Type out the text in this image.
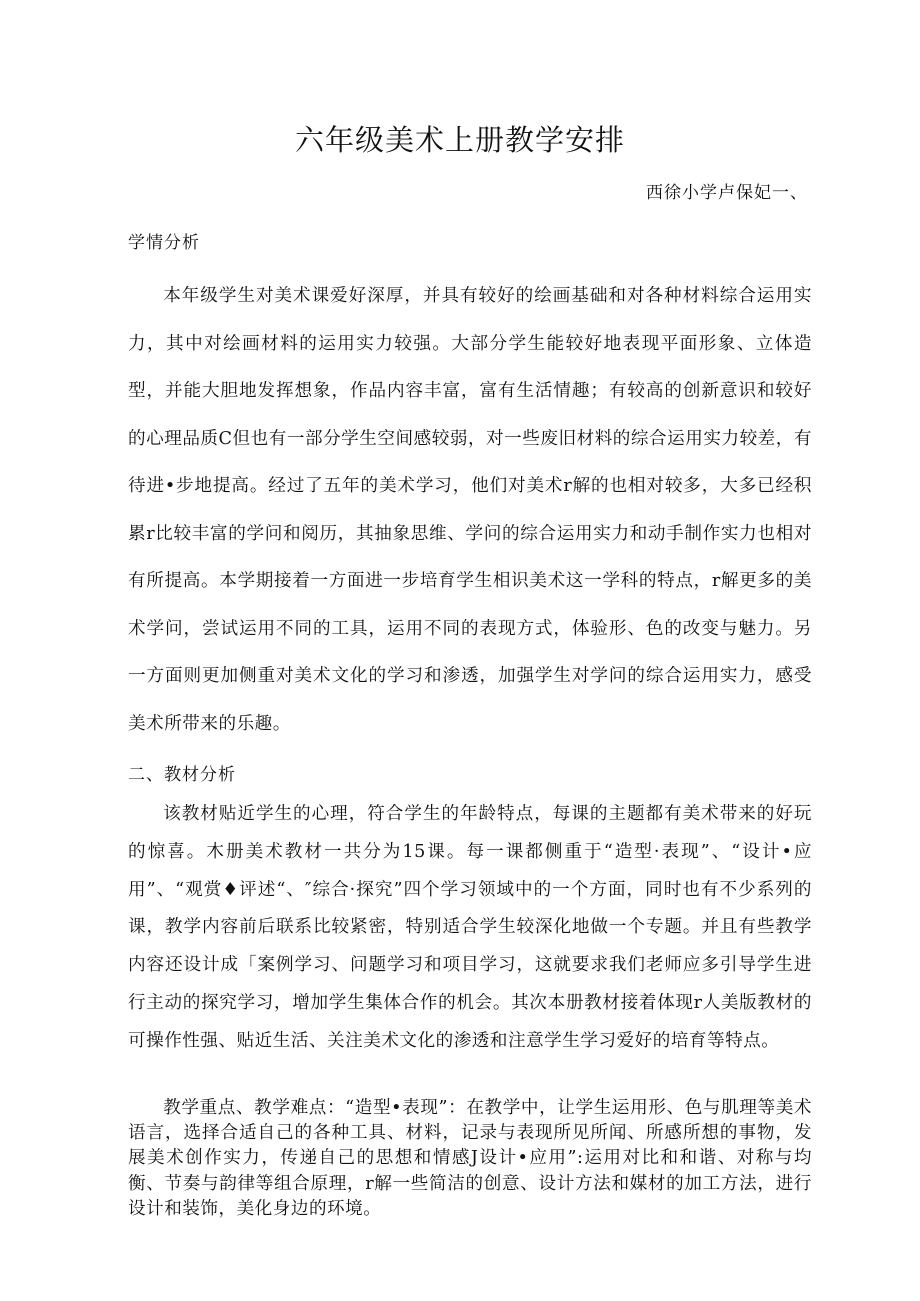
六年级美术上册教学安排
西徐小学卢保妃一、
学情分析

本年级学生对美术课爱好深厚，并具有较好的绘画基础和对各种材料综合运用实力，其中对绘画材料的运用实力较强。大部分学生能较好地表现平面形象、立体造型，并能大胆地发挥想象，作品内容丰富，富有生活情趣；有较高的创新意识和较好的心理品质C但也有一部分学生空间感较弱，对一些废旧材料的综合运用实力较差，有待进•步地提高。经过了五年的美术学习，他们对美术r解的也相对较多，大多已经积累r比较丰富的学问和阅历，其抽象思维、学问的综合运用实力和动手制作实力也相对有所提高。本学期接着一方面进一步培育学生相识美术这一学科的特点，r解更多的美术学问，尝试运用不同的工具，运用不同的表现方式，体验形、色的改变与魅力。另一方面则更加侧重对美术文化的学习和渗透，加强学生对学问的综合运用实力，感受美术所带来的乐趣。

二、教材分析

该教材贴近学生的心理，符合学生的年龄特点，每课的主题都有美术带来的好玩的惊喜。木册美术教材一共分为15课。每一课都侧重于“造型·表现”、“设计•应用”、“观赏♦评述“、″综合·探究”四个学习领域中的一个方面，同时也有不少系列的课，教学内容前后联系比较紧密，特别适合学生较深化地做一个专题。并且有些教学内容还设计成「案例学习、问题学习和项目学习，这就要求我们老师应多引导学生进行主动的探究学习，增加学生集体合作的机会。其次本册教材接着体现r人美版教材的可操作性强、贴近生活、关注美术文化的渗透和注意学生学习爱好的培育等特点。

教学重点、教学难点：“造型•表现”：在教学中，让学生运用形、色与肌理等美术语言，选择合适自己的各种工具、材料，记录与表现所见所闻、所感所想的事物，发展美术创作实力，传递自己的思想和情感J设计•应用”:运用对比和和谐、对称与均衡、节奏与韵律等组合原理，r解一些简洁的创意、设计方法和媒材的加工方法，进行设计和装饰，美化身边的环境。
